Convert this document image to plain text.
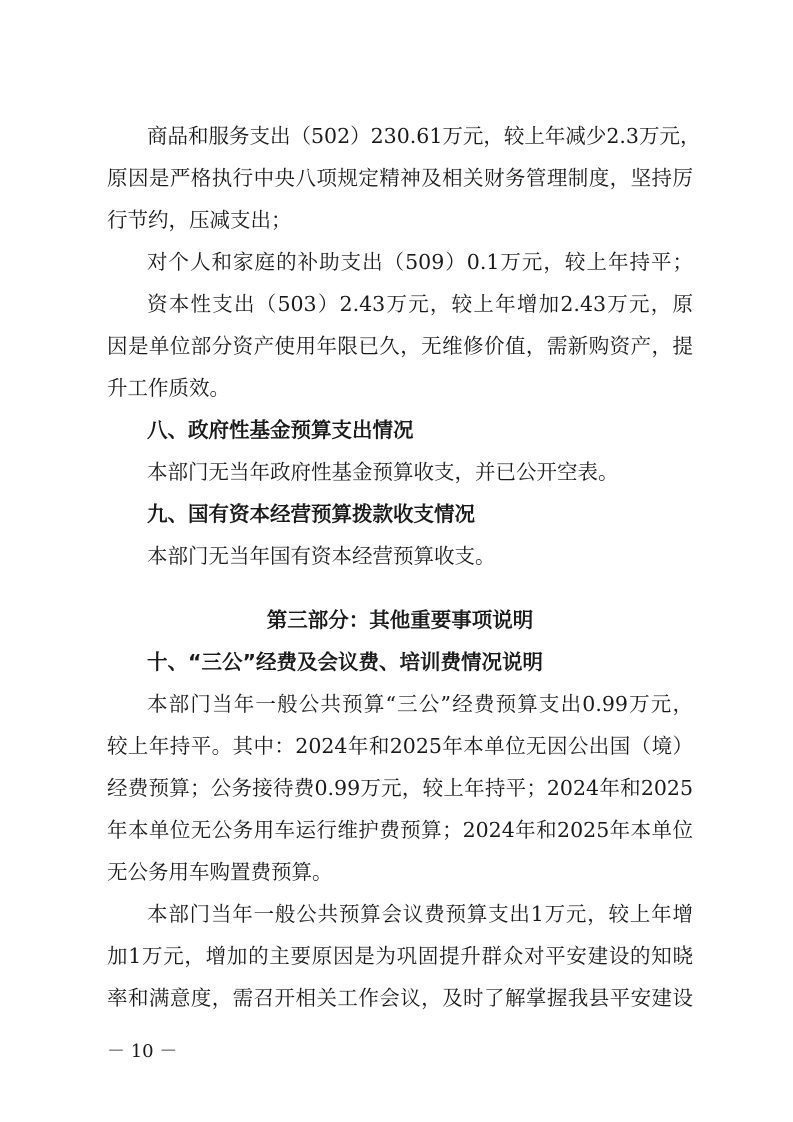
商品和服务支出（502）230.61万元，较上年减少2.3万元，
原因是严格执行中央八项规定精神及相关财务管理制度，坚持厉
行节约，压减支出；
对个人和家庭的补助支出（509）0.1万元，较上年持平；
资本性支出（503）2.43万元，较上年增加2.43万元，原
因是单位部分资产使用年限已久，无维修价值，需新购资产，提
升工作质效。
八、政府性基金预算支出情况
本部门无当年政府性基金预算收支，并已公开空表。
九、国有资本经营预算拨款收支情况
本部门无当年国有资本经营预算收支。
第三部分：其他重要事项说明
十、“三公”经费及会议费、培训费情况说明
本部门当年一般公共预算“三公”经费预算支出0.99万元，
较上年持平。其中：2024年和2025年本单位无因公出国（境）
经费预算；公务接待费0.99万元，较上年持平；2024年和2025
年本单位无公务用车运行维护费预算；2024年和2025年本单位
无公务用车购置费预算。
本部门当年一般公共预算会议费预算支出1万元，较上年增
加1万元，增加的主要原因是为巩固提升群众对平安建设的知晓
率和满意度，需召开相关工作会议，及时了解掌握我县平安建设
－ 10 －
